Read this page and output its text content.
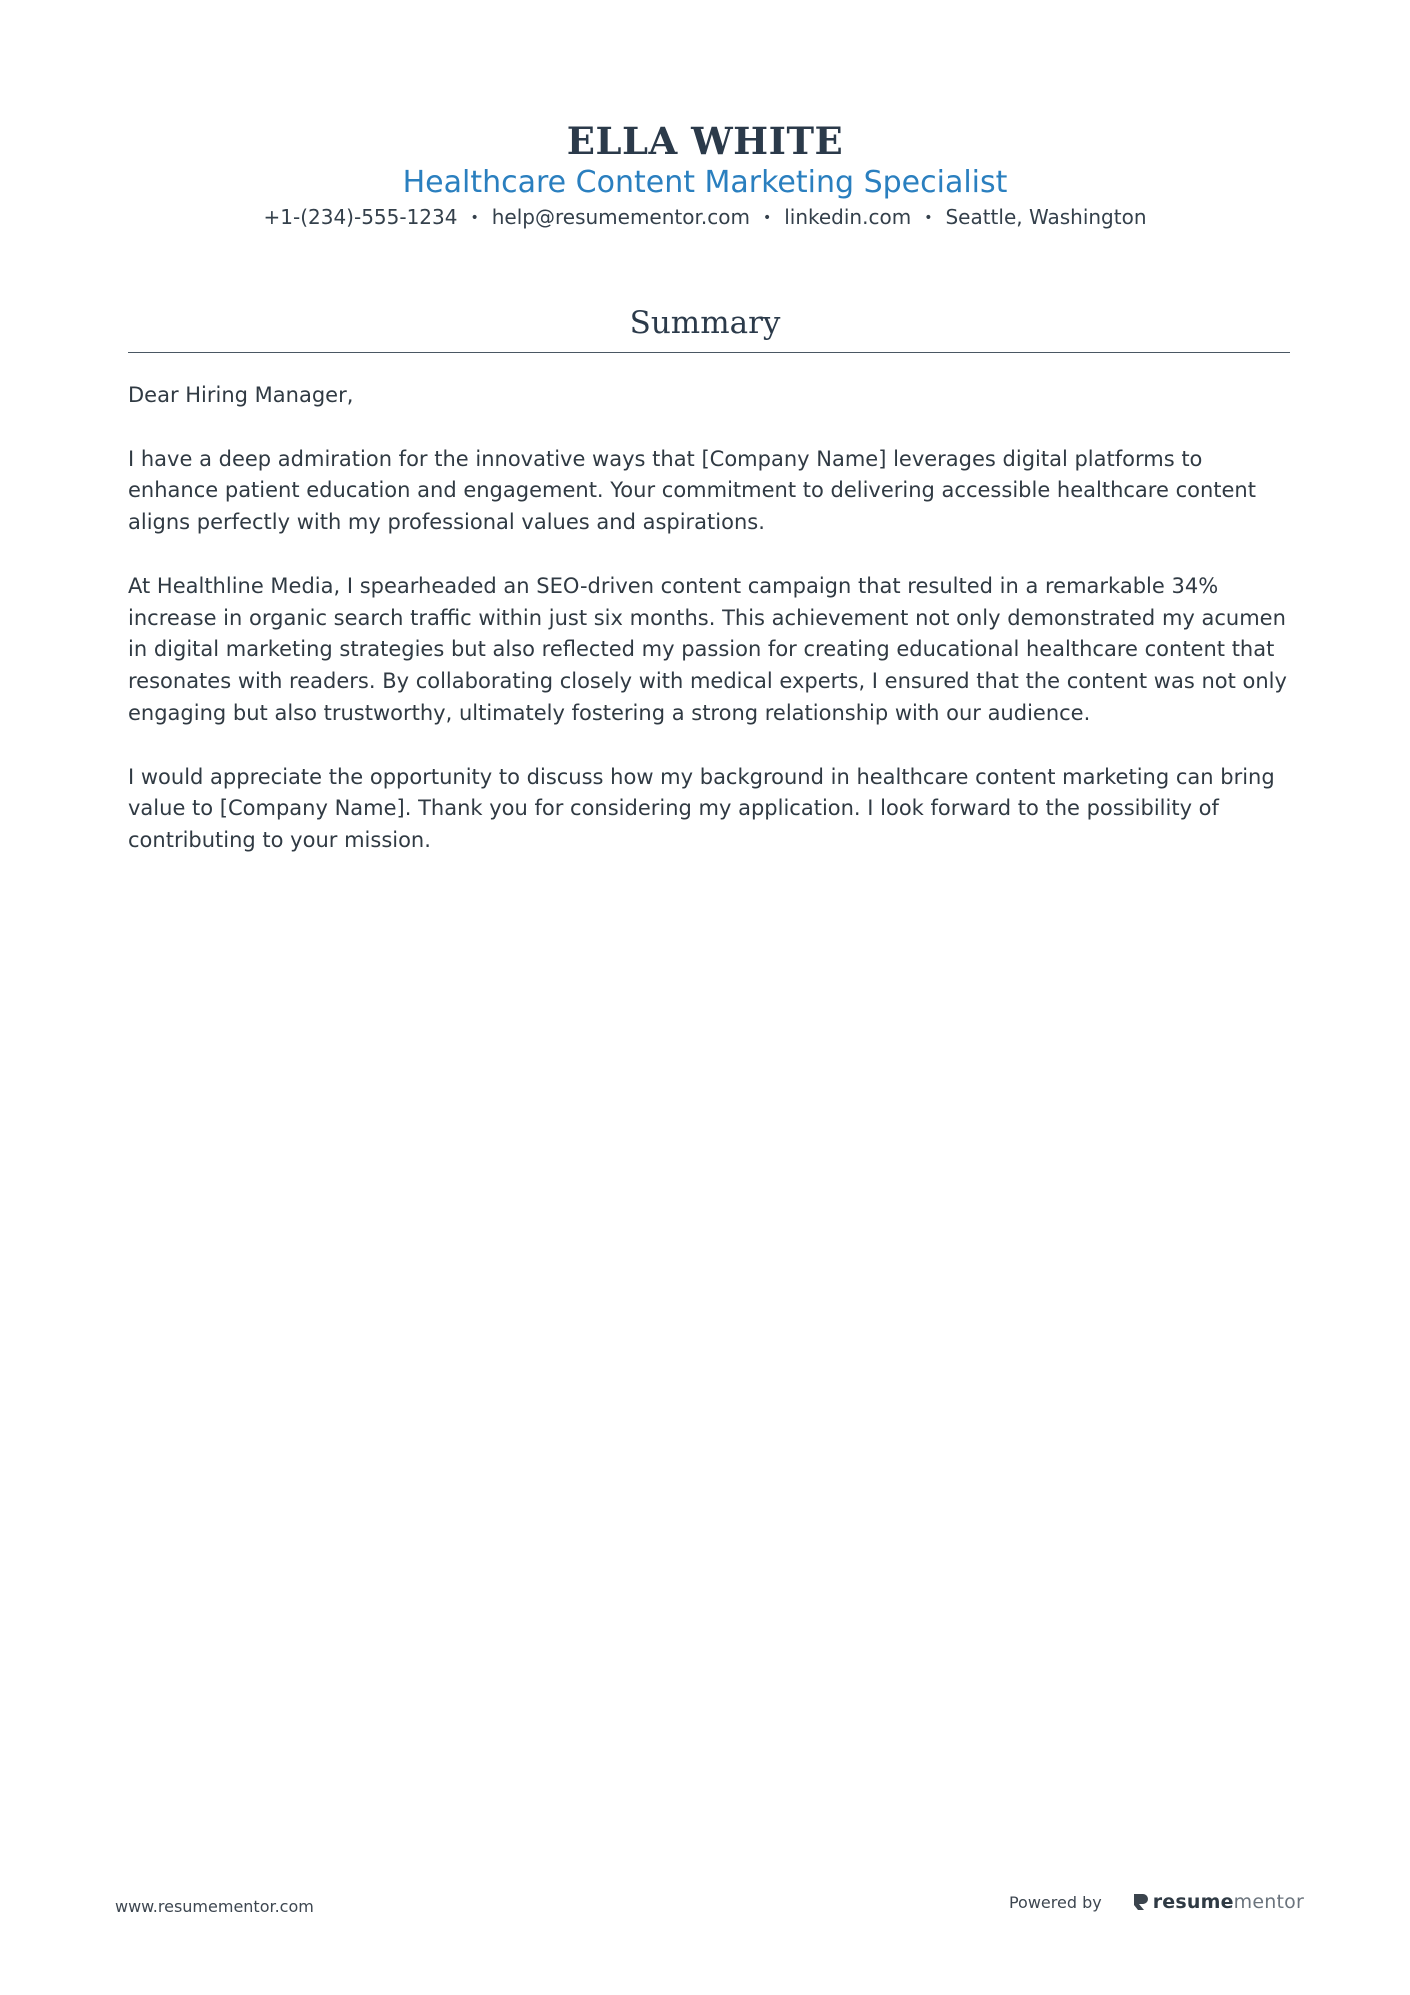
ELLA WHITE
Healthcare Content Marketing Specialist
+1-(234)-555-1234 • help@resumementor.com • linkedin.com • Seattle, Washington
Summary

Dear Hiring Manager,

I have a deep admiration for the innovative ways that [Company Name] leverages digital platforms to enhance patient education and engagement. Your commitment to delivering accessible healthcare content aligns perfectly with my professional values and aspirations.

At Healthline Media, I spearheaded an SEO-driven content campaign that resulted in a remarkable 34% increase in organic search traffic within just six months. This achievement not only demonstrated my acumen in digital marketing strategies but also reflected my passion for creating educational healthcare content that resonates with readers. By collaborating closely with medical experts, I ensured that the content was not only engaging but also trustworthy, ultimately fostering a strong relationship with our audience.

I would appreciate the opportunity to discuss how my background in healthcare content marketing can bring value to [Company Name]. Thank you for considering my application. I look forward to the possibility of contributing to your mission.

www.resumementor.com	Powered by	resume mentor
